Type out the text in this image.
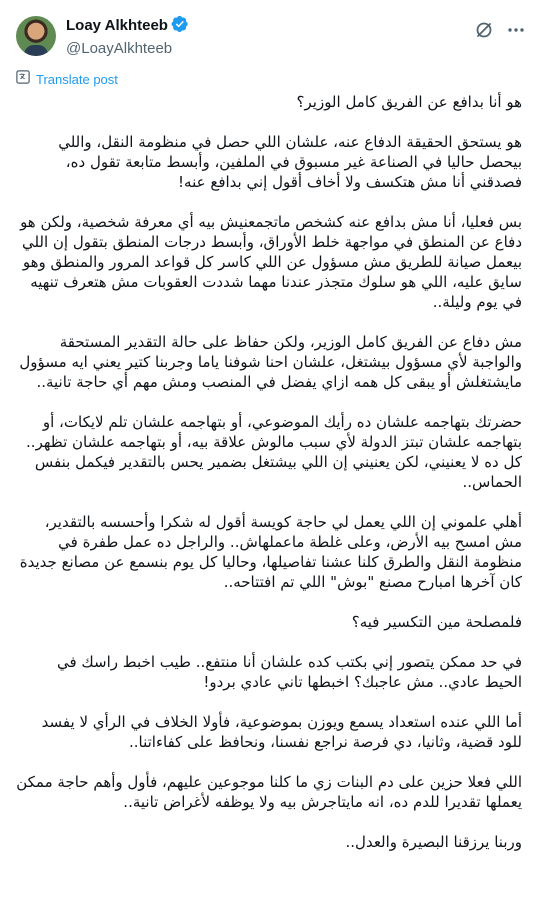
Loay Alkhteeb
@LoayAlkhteeb
Translate post

هو أنا بدافع عن الفريق كامل الوزير؟

هو يستحق الحقيقة الدفاع عنه، علشان اللي حصل في منظومة النقل، واللي بيحصل حاليا في الصناعة غير مسبوق في الملفين، وأبسط متابعة تقول ده، فصدقني أنا مش هتكسف ولا أخاف أقول إني بدافع عنه!

بس فعليا، أنا مش بدافع عنه كشخص ماتجمعنيش بيه أي معرفة شخصية، ولكن هو دفاع عن المنطق في مواجهة خلط الأوراق، وأبسط درجات المنطق بتقول إن اللي بيعمل صيانة للطريق مش مسؤول عن اللي كاسر كل قواعد المرور والمنطق وهو سايق عليه، اللي هو سلوك متجذر عندنا مهما شددت العقوبات مش هتعرف تنهيه في يوم وليلة..

مش دفاع عن الفريق كامل الوزير، ولكن حفاظ على حالة التقدير المستحقة والواجبة لأي مسؤول بيشتغل، علشان احنا شوفنا ياما وجربنا كتير يعني ايه مسؤول مايشتغلش أو يبقى كل همه ازاي يفضل في المنصب ومش مهم أي حاجة تانية..

حضرتك بتهاجمه علشان ده رأيك الموضوعي، أو بتهاجمه علشان تلم لايكات، أو بتهاجمه علشان تبتز الدولة لأي سبب مالوش علاقة بيه، أو بتهاجمه علشان تظهر.. كل ده لا يعنيني، لكن يعنيني إن اللي بيشتغل بضمير يحس بالتقدير فيكمل بنفس الحماس..

أهلي علموني إن اللي يعمل لي حاجة كويسة أقول له شكرا وأحسسه بالتقدير، مش امسح بيه الأرض، وعلى غلطة ماعملهاش.. والراجل ده عمل طفرة في منظومة النقل والطرق كلنا عشنا تفاصيلها، وحاليا كل يوم بنسمع عن مصانع جديدة كان آخرها امبارح مصنع "بوش" اللي تم افتتاحه..

فلمصلحة مين التكسير فيه؟

في حد ممكن يتصور إني بكتب كده علشان أنا منتفع.. طيب اخبط راسك في الحيط عادي.. مش عاجبك؟ اخبطها تاني عادي بردو!

أما اللي عنده استعداد يسمع ويوزن بموضوعية، فأولا الخلاف في الرأي لا يفسد للود قضية، وثانيا، دي فرصة نراجع نفسنا، ونحافظ على كفاءاتنا..

اللي فعلا حزين على دم البنات زي ما كلنا موجوعين عليهم، فأول وأهم حاجة ممكن يعملها تقديرا للدم ده، انه مايتاجرش بيه ولا يوظفه لأغراض تانية..

وربنا يرزقنا البصيرة والعدل..
